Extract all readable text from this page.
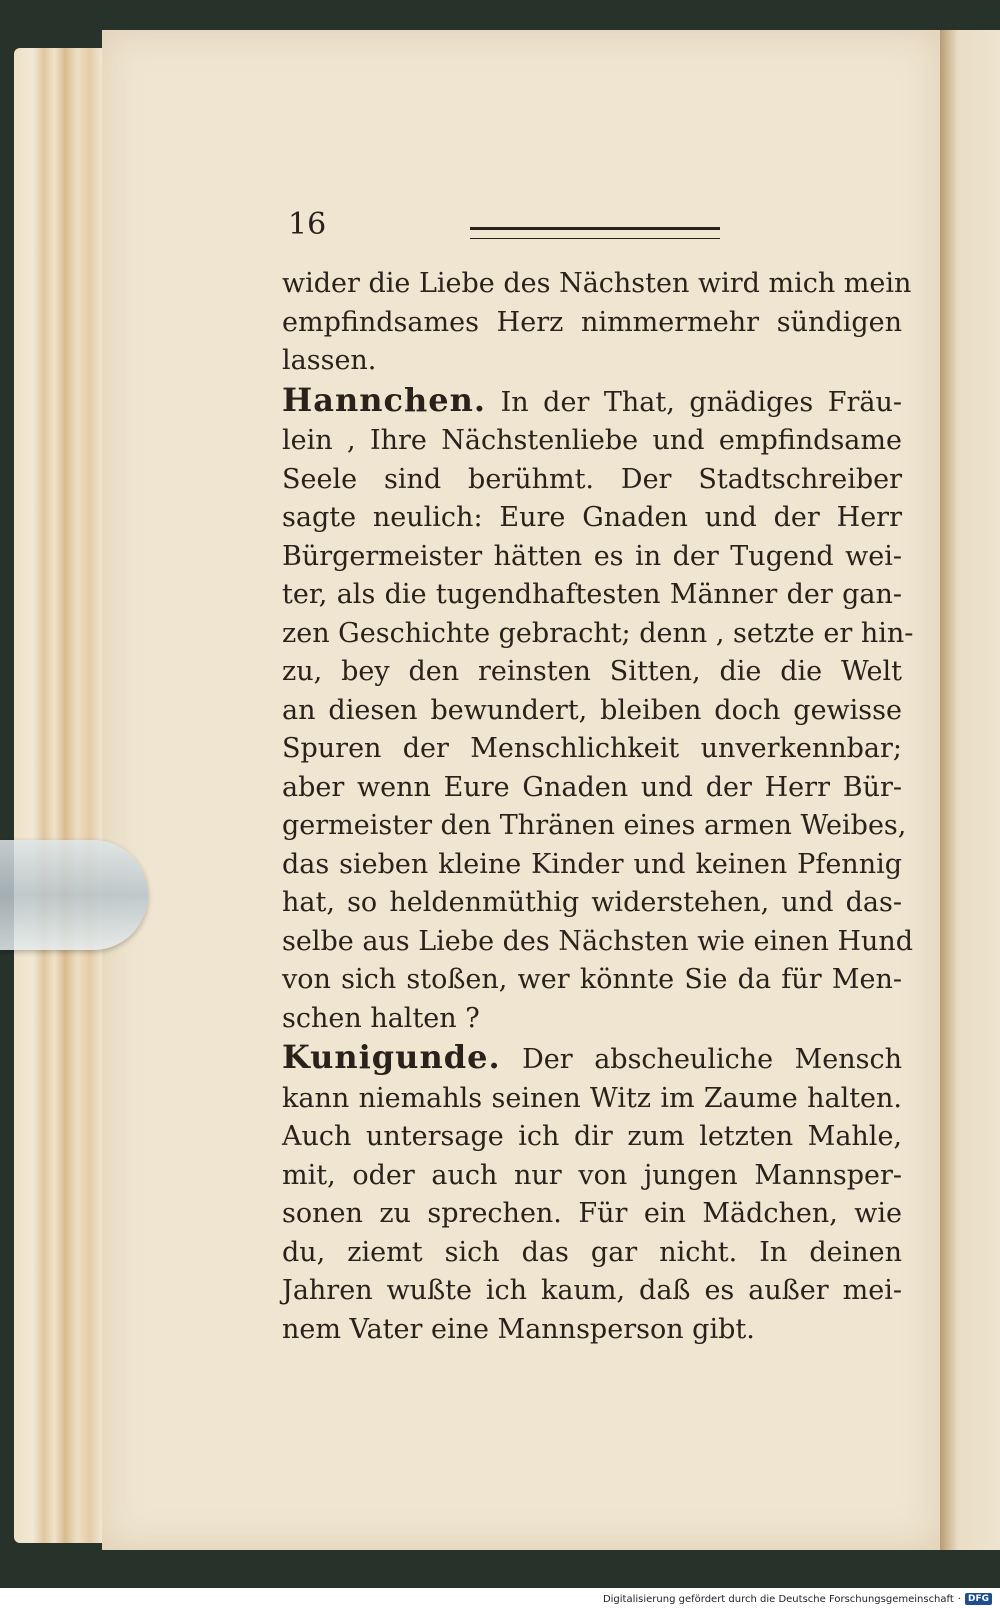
16
wider die Liebe des Nächsten wird mich mein
empfindsames Herz nimmermehr sündigen
lassen.
Hannchen. In der That, gnädiges Fräu-
lein , Ihre Nächstenliebe und empfindsame
Seele sind berühmt. Der Stadtschreiber
sagte neulich: Eure Gnaden und der Herr
Bürgermeister hätten es in der Tugend wei-
ter, als die tugendhaftesten Männer der gan-
zen Geschichte gebracht; denn , setzte er hin-
zu, bey den reinsten Sitten, die die Welt
an diesen bewundert, bleiben doch gewisse
Spuren der Menschlichkeit unverkennbar;
aber wenn Eure Gnaden und der Herr Bür-
germeister den Thränen eines armen Weibes,
das sieben kleine Kinder und keinen Pfennig
hat, so heldenmüthig widerstehen, und das-
selbe aus Liebe des Nächsten wie einen Hund
von sich stoßen, wer könnte Sie da für Men-
schen halten ?
Kunigunde. Der abscheuliche Mensch
kann niemahls seinen Witz im Zaume halten.
Auch untersage ich dir zum letzten Mahle,
mit, oder auch nur von jungen Mannsper-
sonen zu sprechen. Für ein Mädchen, wie
du, ziemt sich das gar nicht. In deinen
Jahren wußte ich kaum, daß es außer mei-
nem Vater eine Mannsperson gibt.
Digitalisierung gefördert durch die Deutsche Forschungsgemeinschaft · DFG
